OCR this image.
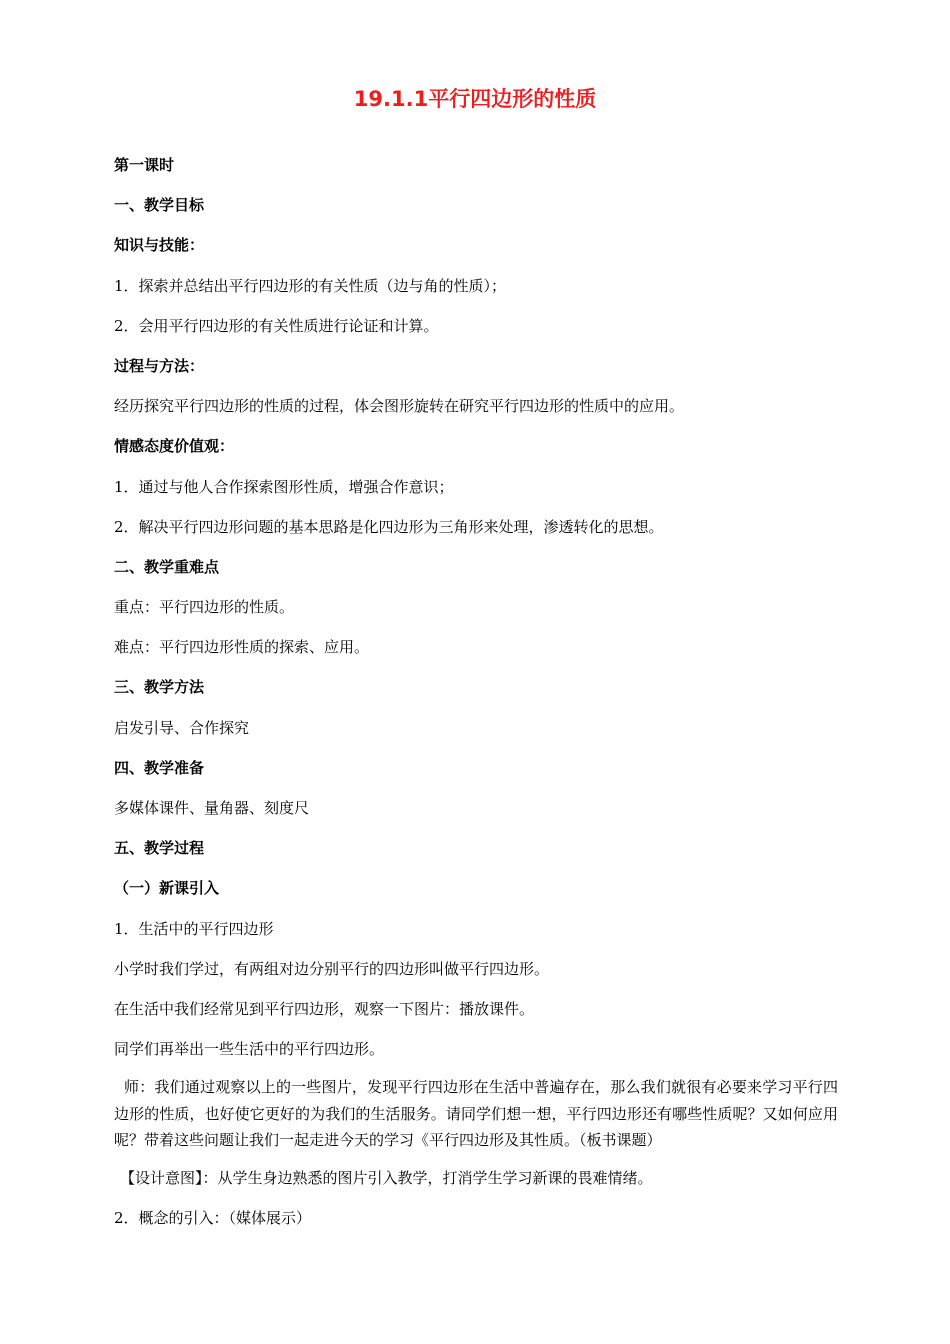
19.1.1平行四边形的性质
第一课时
一、教学目标
知识与技能：
1．探索并总结出平行四边形的有关性质（边与角的性质）；
2．会用平行四边形的有关性质进行论证和计算。
过程与方法：
经历探究平行四边形的性质的过程，体会图形旋转在研究平行四边形的性质中的应用。
情感态度价值观：
1．通过与他人合作探索图形性质，增强合作意识；
2．解决平行四边形问题的基本思路是化四边形为三角形来处理，渗透转化的思想。
二、教学重难点
重点：平行四边形的性质。
难点：平行四边形性质的探索、应用。
三、教学方法
启发引导、合作探究
四、教学准备
多媒体课件、量角器、刻度尺
五、教学过程
（一）新课引入
1．生活中的平行四边形
小学时我们学过，有两组对边分别平行的四边形叫做平行四边形。
在生活中我们经常见到平行四边形，观察一下图片：播放课件。
同学们再举出一些生活中的平行四边形。
师：我们通过观察以上的一些图片，发现平行四边形在生活中普遍存在，那么我们就很有必要来学习平行四边形的性质，也好使它更好的为我们的生活服务。请同学们想一想，平行四边形还有哪些性质呢？又如何应用呢？带着这些问题让我们一起走进今天的学习《平行四边形及其性质。（板书课题）
【设计意图】：从学生身边熟悉的图片引入教学，打消学生学习新课的畏难情绪。
2．概念的引入：（媒体展示）
